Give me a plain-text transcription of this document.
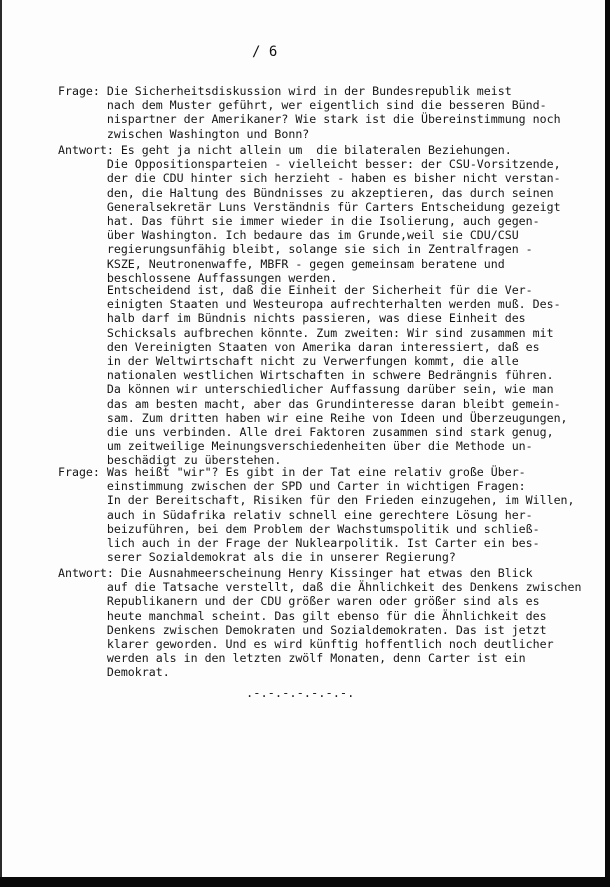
/ 6
Frage: Die Sicherheitsdiskussion wird in der Bundesrepublik meist
nach dem Muster geführt, wer eigentlich sind die besseren Bünd-
nispartner der Amerikaner? Wie stark ist die Übereinstimmung noch
zwischen Washington und Bonn?
Antwort: Es geht ja nicht allein um  die bilateralen Beziehungen.
Die Oppositionsparteien - vielleicht besser: der CSU-Vorsitzende,
der die CDU hinter sich herzieht - haben es bisher nicht verstan-
den, die Haltung des Bündnisses zu akzeptieren, das durch seinen
Generalsekretär Luns Verständnis für Carters Entscheidung gezeigt
hat. Das führt sie immer wieder in die Isolierung, auch gegen-
über Washington. Ich bedaure das im Grunde,weil sie CDU/CSU
regierungsunfähig bleibt, solange sie sich in Zentralfragen -
KSZE, Neutronenwaffe, MBFR - gegen gemeinsam beratene und
beschlossene Auffassungen werden.
Entscheidend ist, daß die Einheit der Sicherheit für die Ver-
einigten Staaten und Westeuropa aufrechterhalten werden muß. Des-
halb darf im Bündnis nichts passieren, was diese Einheit des
Schicksals aufbrechen könnte. Zum zweiten: Wir sind zusammen mit
den Vereinigten Staaten von Amerika daran interessiert, daß es
in der Weltwirtschaft nicht zu Verwerfungen kommt, die alle
nationalen westlichen Wirtschaften in schwere Bedrängnis führen.
Da können wir unterschiedlicher Auffassung darüber sein, wie man
das am besten macht, aber das Grundinteresse daran bleibt gemein-
sam. Zum dritten haben wir eine Reihe von Ideen und Überzeugungen,
die uns verbinden. Alle drei Faktoren zusammen sind stark genug,
um zeitweilige Meinungsverschiedenheiten über die Methode un-
beschädigt zu überstehen.
Frage: Was heißt "wir"? Es gibt in der Tat eine relativ große Über-
einstimmung zwischen der SPD und Carter in wichtigen Fragen:
In der Bereitschaft, Risiken für den Frieden einzugehen, im Willen,
auch in Südafrika relativ schnell eine gerechtere Lösung her-
beizuführen, bei dem Problem der Wachstumspolitik und schließ-
lich auch in der Frage der Nuklearpolitik. Ist Carter ein bes-
serer Sozialdemokrat als die in unserer Regierung?
Antwort: Die Ausnahmeerscheinung Henry Kissinger hat etwas den Blick
auf die Tatsache verstellt, daß die Ähnlichkeit des Denkens zwischen
Republikanern und der CDU größer waren oder größer sind als es
heute manchmal scheint. Das gilt ebenso für die Ähnlichkeit des
Denkens zwischen Demokraten und Sozialdemokraten. Das ist jetzt
klarer geworden. Und es wird künftig hoffentlich noch deutlicher
werden als in den letzten zwölf Monaten, denn Carter ist ein
Demokrat.
.-.-.-.-.-.-.-.
